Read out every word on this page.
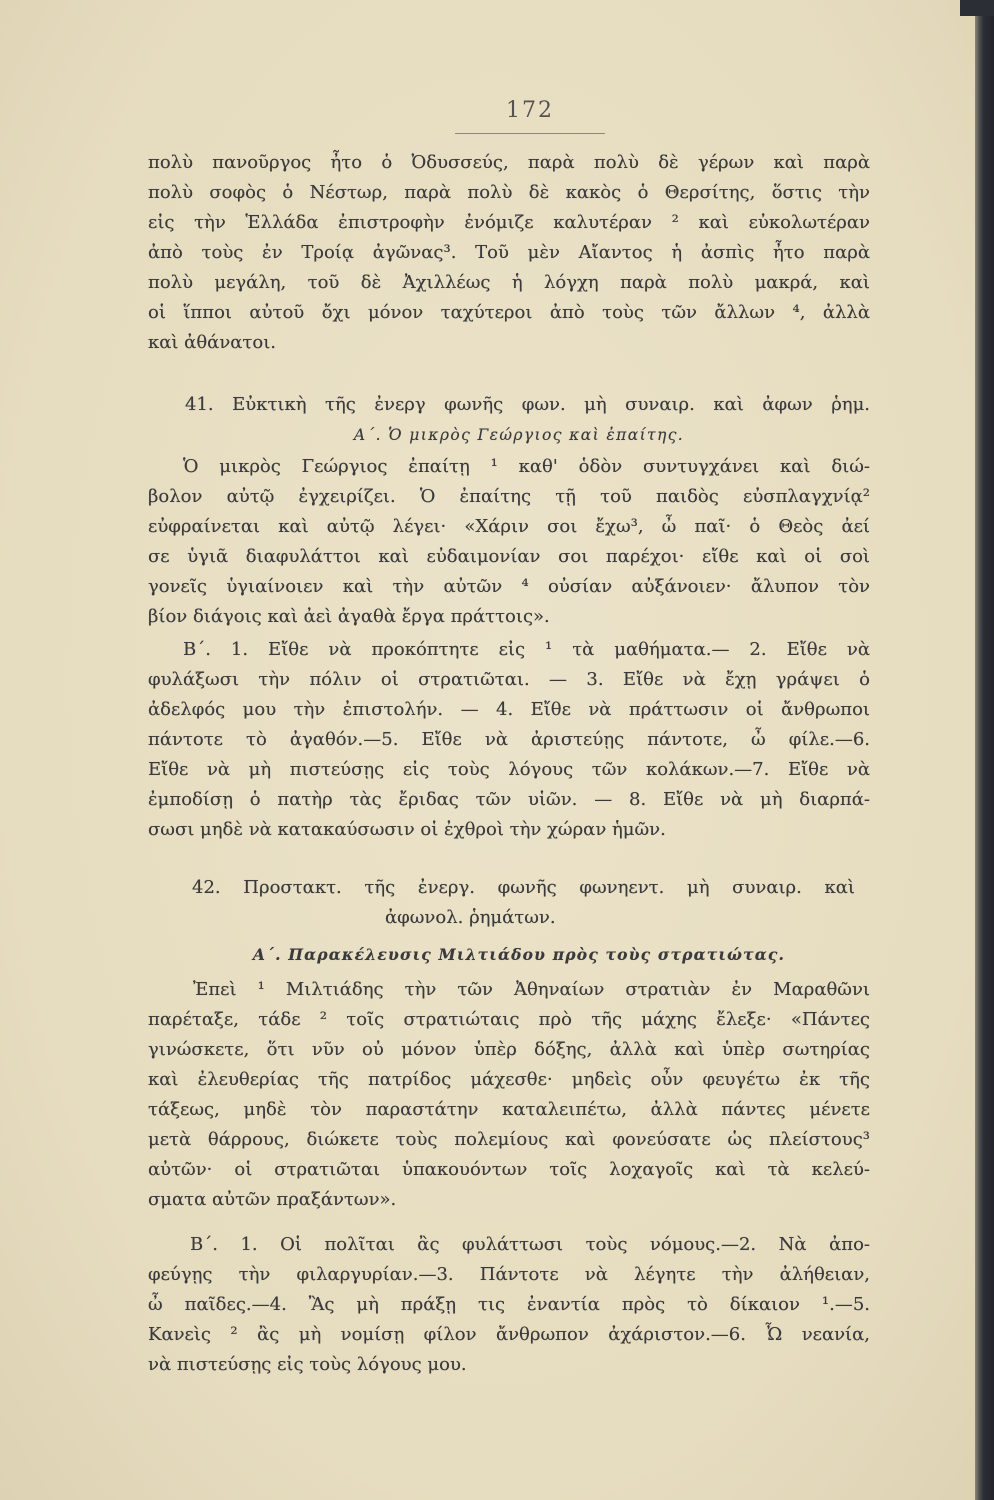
172
πολὺ πανοῦργος ἦτο ὁ Ὀδυσσεύς, παρὰ πολὺ δὲ γέρων καὶ παρὰ
πολὺ σοφὸς ὁ Νέστωρ, παρὰ πολὺ δὲ κακὸς ὁ Θερσίτης, ὅστις τὴν
εἰς τὴν Ἑλλάδα ἐπιστροφὴν ἐνόμιζε καλυτέραν ² καὶ εὐκολωτέραν
ἀπὸ τοὺς ἐν Τροίᾳ ἀγῶνας³. Τοῦ μὲν Αἴαντος ἡ ἀσπὶς ἦτο παρὰ
πολὺ μεγάλη, τοῦ δὲ Ἀχιλλέως ἡ λόγχη παρὰ πολὺ μακρά, καὶ
οἱ ἵπποι αὐτοῦ ὄχι μόνον ταχύτεροι ἀπὸ τοὺς τῶν ἄλλων ⁴, ἀλλὰ
καὶ ἀθάνατοι.
41. Εὐκτικὴ τῆς ἐνεργ φωνῆς φων. μὴ συναιρ. καὶ ἀφων ῥημ.
Α΄. Ὁ μικρὸς Γεώργιος καὶ ἐπαίτης.
Ὁ μικρὸς Γεώργιος ἐπαίτῃ ¹ καθ' ὁδὸν συντυγχάνει καὶ διώ-
βολον αὐτῷ ἐγχειρίζει. Ὁ ἐπαίτης τῇ τοῦ παιδὸς εὐσπλαγχνίᾳ²
εὐφραίνεται καὶ αὐτῷ λέγει· «Χάριν σοι ἔχω³, ὦ παῖ· ὁ Θεὸς ἀεί
σε ὑγιᾶ διαφυλάττοι καὶ εὐδαιμονίαν σοι παρέχοι· εἴθε καὶ οἱ σοὶ
γονεῖς ὑγιαίνοιεν καὶ τὴν αὐτῶν ⁴ οὐσίαν αὐξάνοιεν· ἄλυπον τὸν
βίον διάγοις καὶ ἀεὶ ἀγαθὰ ἔργα πράττοις».
Β΄. 1. Εἴθε νὰ προκόπτητε εἰς ¹ τὰ μαθήματα.— 2. Εἴθε νὰ
φυλάξωσι τὴν πόλιν οἱ στρατιῶται. — 3. Εἴθε νὰ ἔχῃ γράψει ὁ
ἀδελφός μου τὴν ἐπιστολήν. — 4. Εἴθε νὰ πράττωσιν οἱ ἄνθρωποι
πάντοτε τὸ ἀγαθόν.—5. Εἴθε νὰ ἀριστεύῃς πάντοτε, ὦ φίλε.—6.
Εἴθε νὰ μὴ πιστεύσῃς εἰς τοὺς λόγους τῶν κολάκων.—7. Εἴθε νὰ
ἐμποδίσῃ ὁ πατὴρ τὰς ἔριδας τῶν υἱῶν. — 8. Εἴθε νὰ μὴ διαρπά-
σωσι μηδὲ νὰ κατακαύσωσιν οἱ ἐχθροὶ τὴν χώραν ἡμῶν.
42. Προστακτ. τῆς ἐνεργ. φωνῆς φωνηεντ. μὴ συναιρ. καὶ
ἀφωνολ. ῥημάτων.
Α΄. Παρακέλευσις Μιλτιάδου πρὸς τοὺς στρατιώτας.
Ἐπεὶ ¹ Μιλτιάδης τὴν τῶν Ἀθηναίων στρατιὰν ἐν Μαραθῶνι
παρέταξε, τάδε ² τοῖς στρατιώταις πρὸ τῆς μάχης ἔλεξε· «Πάντες
γινώσκετε, ὅτι νῦν οὐ μόνον ὑπὲρ δόξης, ἀλλὰ καὶ ὑπὲρ σωτηρίας
καὶ ἐλευθερίας τῆς πατρίδος μάχεσθε· μηδεὶς οὖν φευγέτω ἐκ τῆς
τάξεως, μηδὲ τὸν παραστάτην καταλειπέτω, ἀλλὰ πάντες μένετε
μετὰ θάρρους, διώκετε τοὺς πολεμίους καὶ φονεύσατε ὡς πλείστους³
αὐτῶν· οἱ στρατιῶται ὑπακουόντων τοῖς λοχαγοῖς καὶ τὰ κελεύ-
σματα αὐτῶν πραξάντων».
Β΄. 1. Οἱ πολῖται ἂς φυλάττωσι τοὺς νόμους.—2. Νὰ ἀπο-
φεύγῃς τὴν φιλαργυρίαν.—3. Πάντοτε νὰ λέγητε τὴν ἀλήθειαν,
ὦ παῖδες.—4. Ἂς μὴ πράξῃ τις ἐναντία πρὸς τὸ δίκαιον ¹.—5.
Κανεὶς ² ἂς μὴ νομίσῃ φίλον ἄνθρωπον ἀχάριστον.—6. Ὦ νεανία,
νὰ πιστεύσῃς εἰς τοὺς λόγους μου.
